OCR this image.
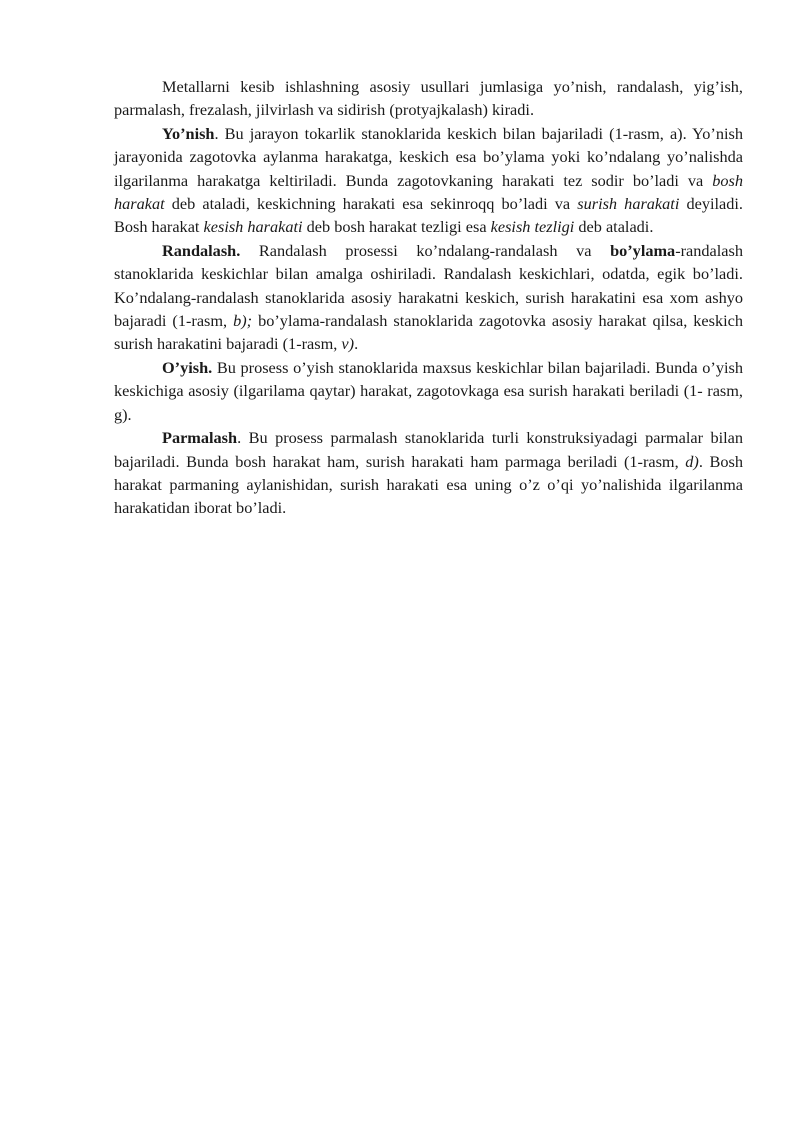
Metallarni kesib ishlashning asosiy usullari jumlasiga yo’nish, randalash, yig’ish, parmalash, frezalash, jilvirlash va sidirish (protyajkalash) kiradi.

Yo’nish. Bu jarayon tokarlik stanoklarida keskich bilan bajariladi (1-rasm, a). Yo’nish jarayonida zagotovka aylanma harakatga, keskich esa bo’ylama yoki ko’ndalang yo’nalishda ilgarilanma harakatga keltiriladi. Bunda zagotovkaning harakati tez sodir bo’ladi va bosh harakat deb ataladi, keskichning harakati esa sekinroqq bo’ladi va surish harakati deyiladi. Bosh harakat kesish harakati deb bosh harakat tezligi esa kesish tezligi deb ataladi.

Randalash. Randalash prosessi ko’ndalang-randalash va bo’ylama-randalash stanoklarida keskichlar bilan amalga oshiriladi. Randalash keskichlari, odatda, egik bo’ladi. Ko’ndalang-randalash stanoklarida asosiy harakatni keskich, surish harakatini esa xom ashyo bajaradi (1-rasm, b); bo’ylama-randalash stanoklarida zagotovka asosiy harakat qilsa, keskich surish harakatini bajaradi (1-rasm, v).

O’yish. Bu prosess o’yish stanoklarida maxsus keskichlar bilan bajariladi. Bunda o’yish keskichiga asosiy (ilgarilama qaytar) harakat, zagotovkaga esa surish harakati beriladi (1- rasm, g).

Parmalash. Bu prosess parmalash stanoklarida turli konstruksiyadagi parmalar bilan bajariladi. Bunda bosh harakat ham, surish harakati ham parmaga beriladi (1-rasm, d). Bosh harakat parmaning aylanishidan, surish harakati esa uning o’z o’qi yo’nalishida ilgarilanma harakatidan iborat bo’ladi.
